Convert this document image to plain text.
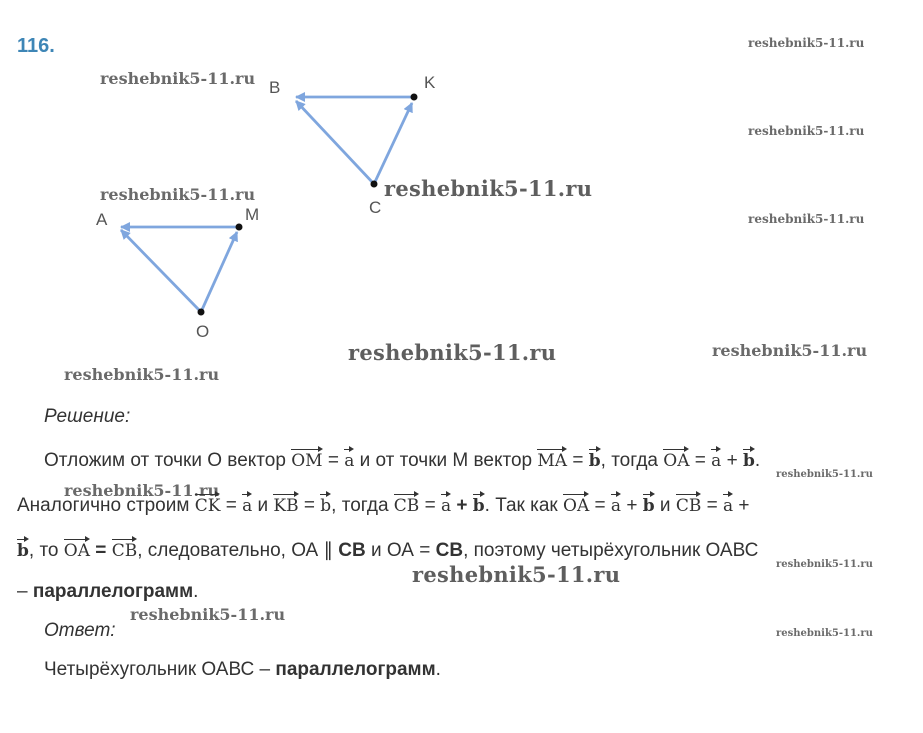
116.	reshebnik5-11.ru
reshebnik5-11.ru
reshebnik5-11.ru
reshebnik5-11.ru	reshebnik5-11.ru
reshebnik5-11.ru
reshebnik5-11.ru	reshebnik5-11.ru
reshebnik5-11.ru
reshebnik5-11.ru
reshebnik5-11.ru
reshebnik5-11.ru
reshebnik5-11.ru
reshebnik5-11.ru
reshebnik5-11.ru
B	K
C
A	M
O
Решение:
Отложим от точки О вектор OM = a и от точки М вектор MA = b, тогда OA = a + b.
Аналогично строим CK = a и KB = b, тогда CB = a + b. Так как OA = a + b и CB = a +
b, то OA = CB, следовательно, ОА ∥ CB и ОА = CB, поэтому четырёхугольник ОАВС
– параллелограмм.
Ответ:
Четырёхугольник ОАВС – параллелограмм.
